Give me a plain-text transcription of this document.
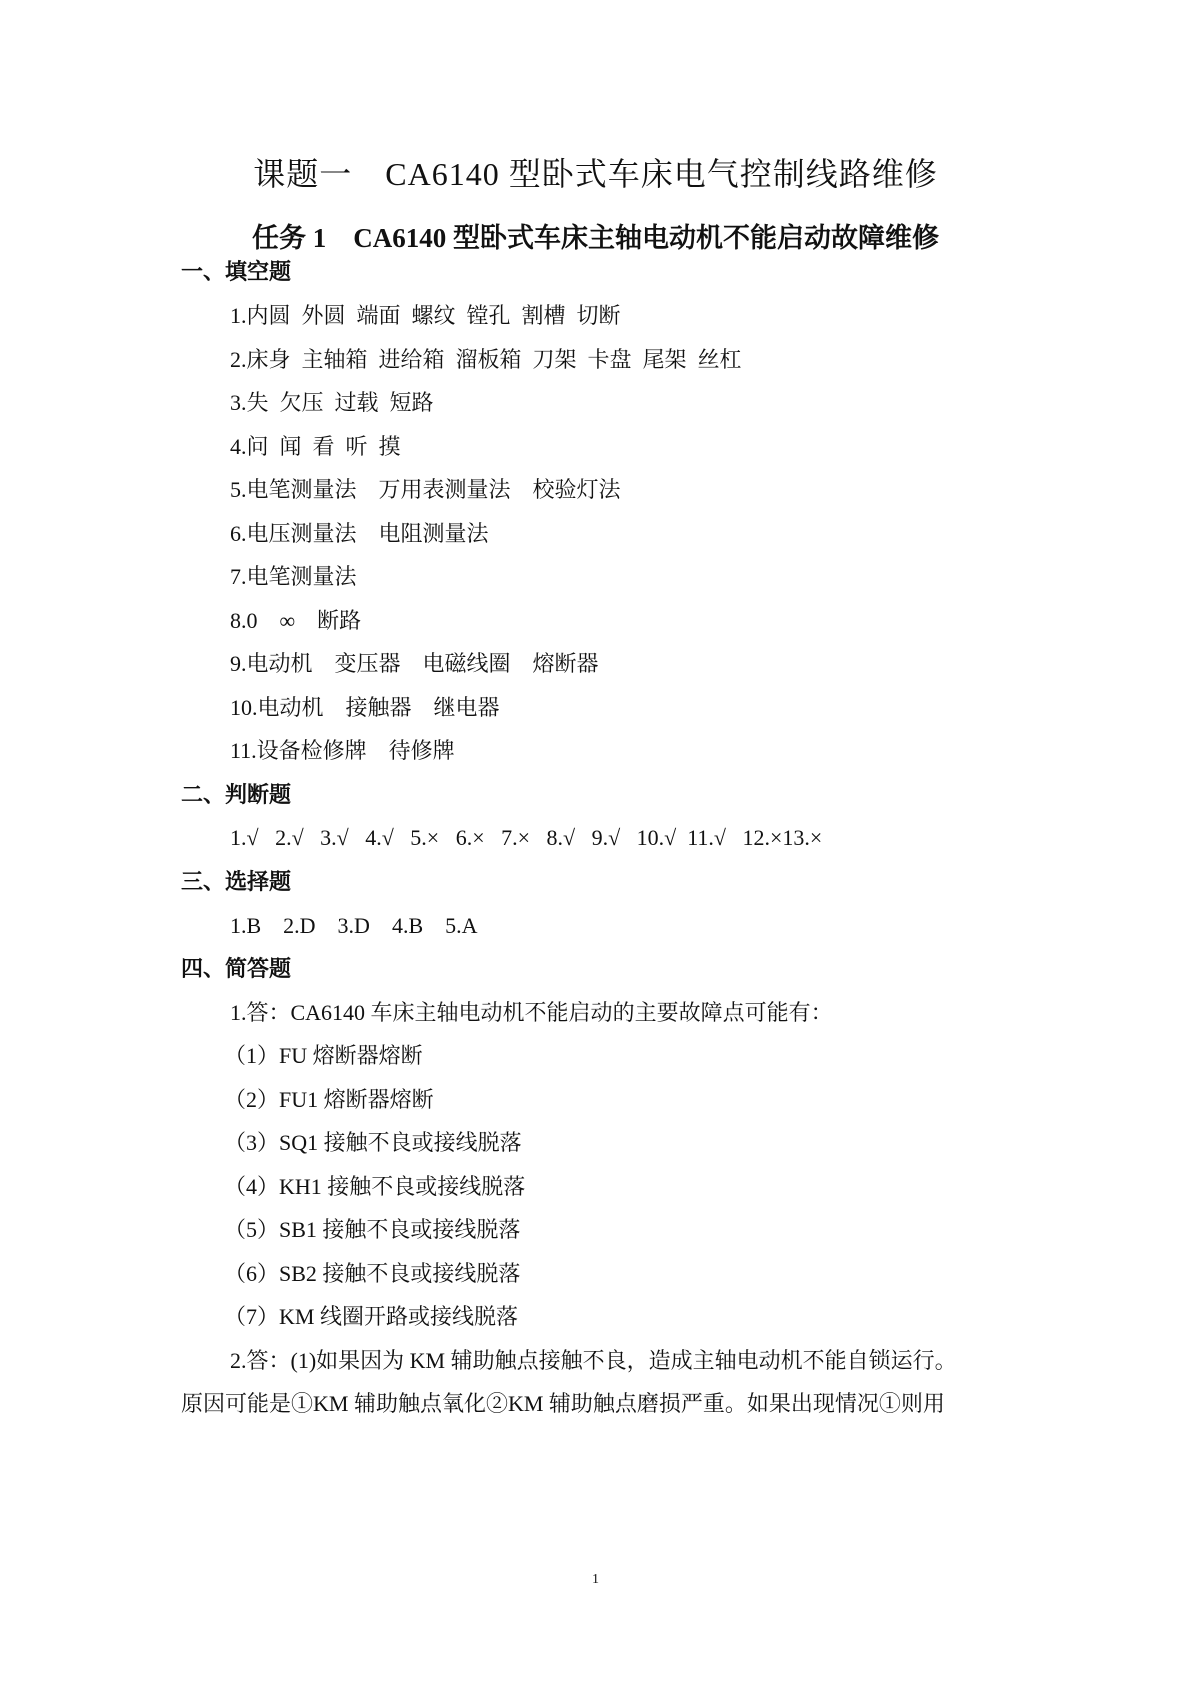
课题一　CA6140 型卧式车床电气控制线路维修
任务 1　CA6140 型卧式车床主轴电动机不能启动故障维修
一、填空题
1.内圆  外圆  端面  螺纹  镗孔  割槽  切断
2.床身  主轴箱  进给箱  溜板箱  刀架  卡盘  尾架  丝杠
3.失  欠压  过载  短路
4.问  闻  看  听  摸
5.电笔测量法    万用表测量法    校验灯法
6.电压测量法    电阻测量法
7.电笔测量法
8.0    ∞    断路
9.电动机    变压器    电磁线圈    熔断器
10.电动机    接触器    继电器
11.设备检修牌    待修牌
二、判断题
1.√   2.√   3.√   4.√   5.×   6.×   7.×   8.√   9.√   10.√  11.√   12.×13.×
三、选择题
1.B    2.D    3.D    4.B    5.A
四、简答题
1.答：CA6140 车床主轴电动机不能启动的主要故障点可能有：
（1）FU 熔断器熔断
（2）FU1 熔断器熔断
（3）SQ1 接触不良或接线脱落
（4）KH1 接触不良或接线脱落
（5）SB1 接触不良或接线脱落
（6）SB2 接触不良或接线脱落
（7）KM 线圈开路或接线脱落
2.答：(1)如果因为 KM 辅助触点接触不良，造成主轴电动机不能自锁运行。
原因可能是①KM 辅助触点氧化②KM 辅助触点磨损严重。如果出现情况①则用
1
